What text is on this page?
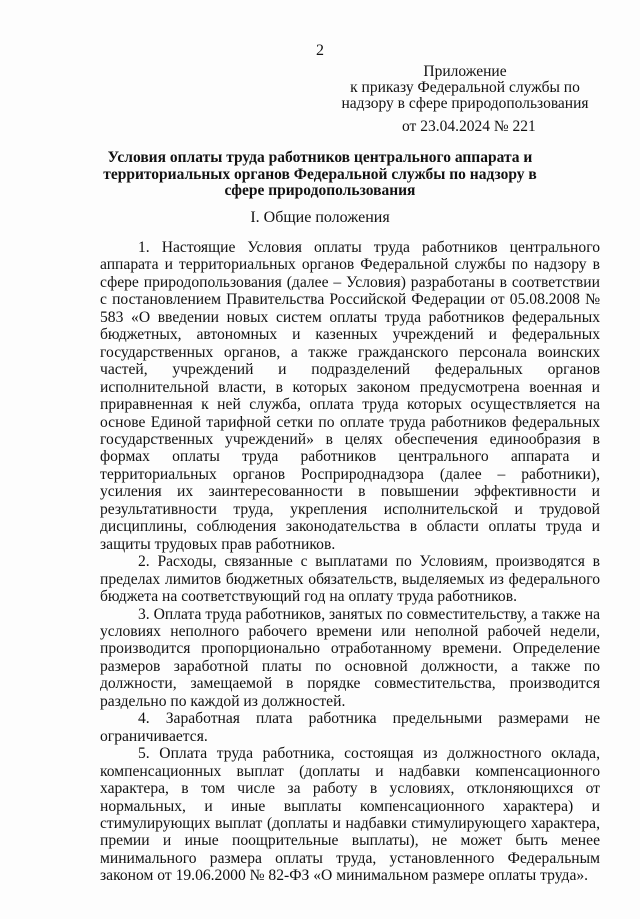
2
Приложение
к приказу Федеральной службы по
надзору в сфере природопользования
от 23.04.2024 № 221
Условия оплаты труда работников центрального аппарата и территориальных органов Федеральной службы по надзору в сфере природопользования
I. Общие положения

1. Настоящие Условия оплаты труда работников центрального аппарата и территориальных органов Федеральной службы по надзору в сфере природопользования (далее – Условия) разработаны в соответствии с постановлением Правительства Российской Федерации от 05.08.2008 № 583 «О введении новых систем оплаты труда работников федеральных бюджетных, автономных и казенных учреждений и федеральных государственных органов, а также гражданского персонала воинских частей, учреждений и подразделений федеральных органов исполнительной власти, в которых законом предусмотрена военная и приравненная к ней служба, оплата труда которых осуществляется на основе Единой тарифной сетки по оплате труда работников федеральных государственных учреждений» в целях обеспечения единообразия в формах оплаты труда работников центрального аппарата и территориальных органов Росприроднадзора (далее – работники), усиления их заинтересованности в повышении эффективности и результативности труда, укрепления исполнительской и трудовой дисциплины, соблюдения законодательства в области оплаты труда и защиты трудовых прав работников.

2. Расходы, связанные с выплатами по Условиям, производятся в пределах лимитов бюджетных обязательств, выделяемых из федерального бюджета на соответствующий год на оплату труда работников.

3. Оплата труда работников, занятых по совместительству, а также на условиях неполного рабочего времени или неполной рабочей недели, производится пропорционально отработанному времени. Определение размеров заработной платы по основной должности, а также по должности, замещаемой в порядке совместительства, производится раздельно по каждой из должностей.

4. Заработная плата работника предельными размерами не ограничивается.

5. Оплата труда работника, состоящая из должностного оклада, компенсационных выплат (доплаты и надбавки компенсационного характера, в том числе за работу в условиях, отклоняющихся от нормальных, и иные выплаты компенсационного характера) и стимулирующих выплат (доплаты и надбавки стимулирующего характера, премии и иные поощрительные выплаты), не может быть менее минимального размера оплаты труда, установленного Федеральным законом от 19.06.2000 № 82-ФЗ «О минимальном размере оплаты труда».
